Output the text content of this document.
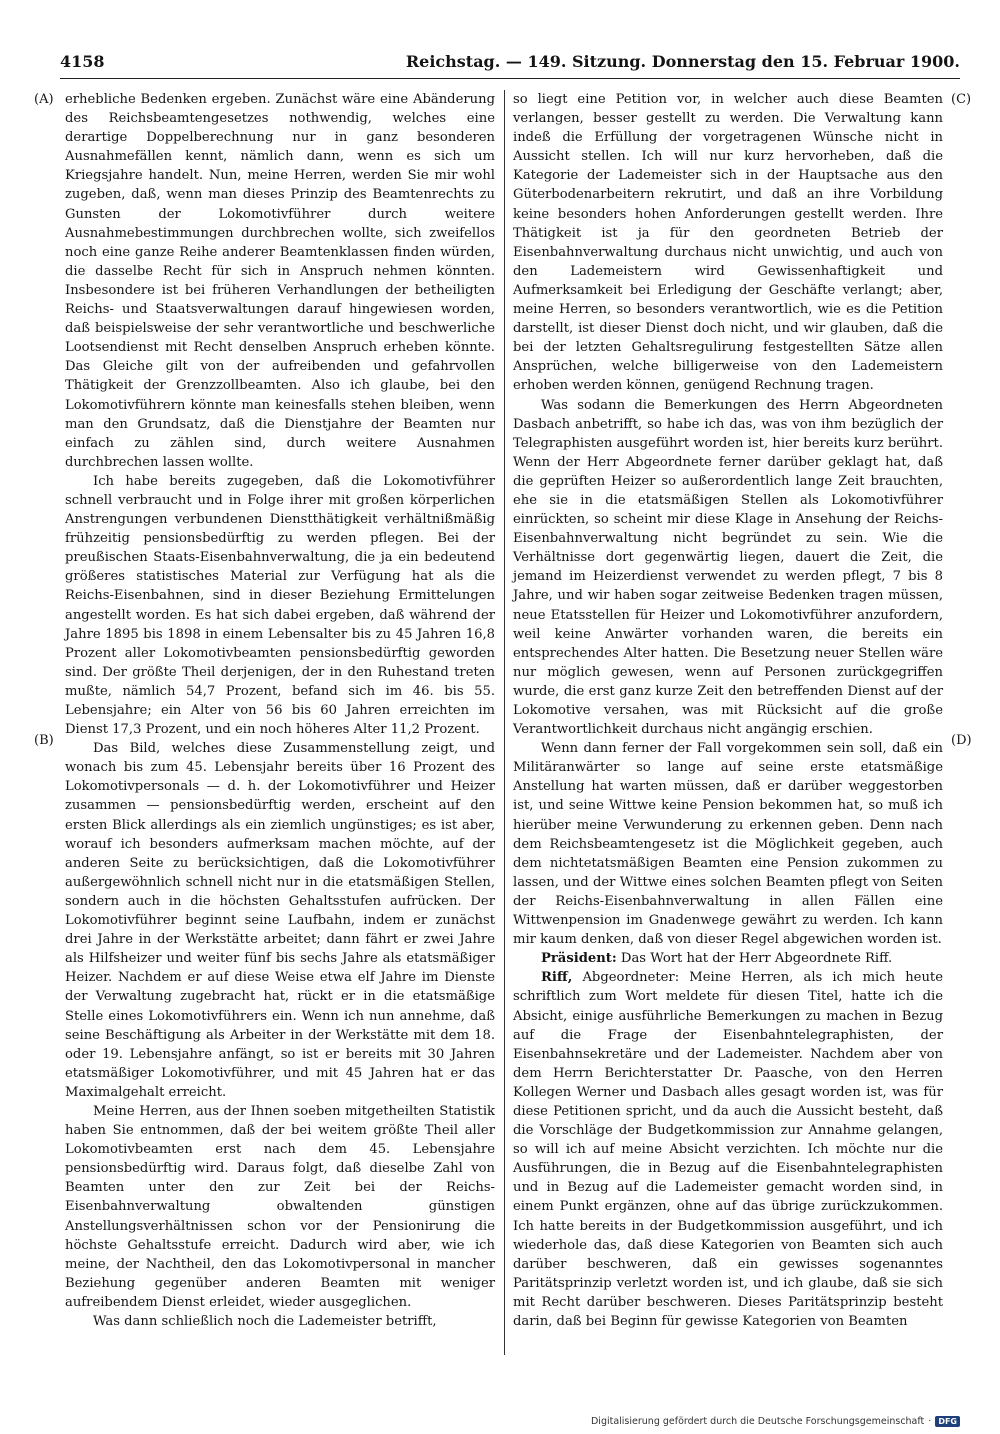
4158	Reichstag. — 149. Sitzung. Donnerstag den 15. Februar 1900.
(A)
(B)
(C)
(D)

erhebliche Bedenken ergeben. Zunächst wäre eine Abänderung des Reichsbeamtengesetzes nothwendig, welches eine derartige Doppelberechnung nur in ganz besonderen Ausnahmefällen kennt, nämlich dann, wenn es sich um Kriegsjahre handelt. Nun, meine Herren, werden Sie mir wohl zugeben, daß, wenn man dieses Prinzip des Beamtenrechts zu Gunsten der Lokomotivführer durch weitere Ausnahmebestimmungen durchbrechen wollte, sich zweifellos noch eine ganze Reihe anderer Beamtenklassen finden würden, die dasselbe Recht für sich in Anspruch nehmen könnten. Insbesondere ist bei früheren Verhandlungen der betheiligten Reichs- und Staatsverwaltungen darauf hingewiesen worden, daß beispielsweise der sehr verantwortliche und beschwerliche Lootsendienst mit Recht denselben Anspruch erheben könnte. Das Gleiche gilt von der aufreibenden und gefahrvollen Thätigkeit der Grenzzollbeamten. Also ich glaube, bei den Lokomotivführern könnte man keinesfalls stehen bleiben, wenn man den Grundsatz, daß die Dienstjahre der Beamten nur einfach zu zählen sind, durch weitere Ausnahmen durchbrechen lassen wollte.

Ich habe bereits zugegeben, daß die Lokomotivführer schnell verbraucht und in Folge ihrer mit großen körperlichen Anstrengungen verbundenen Dienstthätigkeit verhältnißmäßig frühzeitig pensionsbedürftig zu werden pflegen. Bei der preußischen Staats-Eisenbahnverwaltung, die ja ein bedeutend größeres statistisches Material zur Verfügung hat als die Reichs-Eisenbahnen, sind in dieser Beziehung Ermittelungen angestellt worden. Es hat sich dabei ergeben, daß während der Jahre 1895 bis 1898 in einem Lebensalter bis zu 45 Jahren 16,8 Prozent aller Lokomotivbeamten pensionsbedürftig geworden sind. Der größte Theil derjenigen, der in den Ruhestand treten mußte, nämlich 54,7 Prozent, befand sich im 46. bis 55. Lebensjahre; ein Alter von 56 bis 60 Jahren erreichten im Dienst 17,3 Prozent, und ein noch höheres Alter 11,2 Prozent.

Das Bild, welches diese Zusammenstellung zeigt, und wonach bis zum 45. Lebensjahr bereits über 16 Prozent des Lokomotivpersonals — d. h. der Lokomotivführer und Heizer zusammen — pensionsbedürftig werden, erscheint auf den ersten Blick allerdings als ein ziemlich ungünstiges; es ist aber, worauf ich besonders aufmerksam machen möchte, auf der anderen Seite zu berücksichtigen, daß die Lokomotivführer außergewöhnlich schnell nicht nur in die etatsmäßigen Stellen, sondern auch in die höchsten Gehaltsstufen aufrücken. Der Lokomotivführer beginnt seine Laufbahn, indem er zunächst drei Jahre in der Werkstätte arbeitet; dann fährt er zwei Jahre als Hilfsheizer und weiter fünf bis sechs Jahre als etatsmäßiger Heizer. Nachdem er auf diese Weise etwa elf Jahre im Dienste der Verwaltung zugebracht hat, rückt er in die etatsmäßige Stelle eines Lokomotivführers ein. Wenn ich nun annehme, daß seine Beschäftigung als Arbeiter in der Werkstätte mit dem 18. oder 19. Lebensjahre anfängt, so ist er bereits mit 30 Jahren etatsmäßiger Lokomotivführer, und mit 45 Jahren hat er das Maximalgehalt erreicht.

Meine Herren, aus der Ihnen soeben mitgetheilten Statistik haben Sie entnommen, daß der bei weitem größte Theil aller Lokomotivbeamten erst nach dem 45. Lebensjahre pensionsbedürftig wird. Daraus folgt, daß dieselbe Zahl von Beamten unter den zur Zeit bei der Reichs-Eisenbahnverwaltung obwaltenden günstigen Anstellungsverhältnissen schon vor der Pensionirung die höchste Gehaltsstufe erreicht. Dadurch wird aber, wie ich meine, der Nachtheil, den das Lokomotivpersonal in mancher Beziehung gegenüber anderen Beamten mit weniger aufreibendem Dienst erleidet, wieder ausgeglichen.

Was dann schließlich noch die Lademeister betrifft,

so liegt eine Petition vor, in welcher auch diese Beamten verlangen, besser gestellt zu werden. Die Verwaltung kann indeß die Erfüllung der vorgetragenen Wünsche nicht in Aussicht stellen. Ich will nur kurz hervorheben, daß die Kategorie der Lademeister sich in der Hauptsache aus den Güterbodenarbeitern rekrutirt, und daß an ihre Vorbildung keine besonders hohen Anforderungen gestellt werden. Ihre Thätigkeit ist ja für den geordneten Betrieb der Eisenbahnverwaltung durchaus nicht unwichtig, und auch von den Lademeistern wird Gewissenhaftigkeit und Aufmerksamkeit bei Erledigung der Geschäfte verlangt; aber, meine Herren, so besonders verantwortlich, wie es die Petition darstellt, ist dieser Dienst doch nicht, und wir glauben, daß die bei der letzten Gehaltsregulirung festgestellten Sätze allen Ansprüchen, welche billigerweise von den Lademeistern erhoben werden können, genügend Rechnung tragen.

Was sodann die Bemerkungen des Herrn Abgeordneten Dasbach anbetrifft, so habe ich das, was von ihm bezüglich der Telegraphisten ausgeführt worden ist, hier bereits kurz berührt. Wenn der Herr Abgeordnete ferner darüber geklagt hat, daß die geprüften Heizer so außerordentlich lange Zeit brauchten, ehe sie in die etatsmäßigen Stellen als Lokomotivführer einrückten, so scheint mir diese Klage in Ansehung der Reichs-Eisenbahnverwaltung nicht begründet zu sein. Wie die Verhältnisse dort gegenwärtig liegen, dauert die Zeit, die jemand im Heizerdienst verwendet zu werden pflegt, 7 bis 8 Jahre, und wir haben sogar zeitweise Bedenken tragen müssen, neue Etatsstellen für Heizer und Lokomotivführer anzufordern, weil keine Anwärter vorhanden waren, die bereits ein entsprechendes Alter hatten. Die Besetzung neuer Stellen wäre nur möglich gewesen, wenn auf Personen zurückgegriffen wurde, die erst ganz kurze Zeit den betreffenden Dienst auf der Lokomotive versahen, was mit Rücksicht auf die große Verantwortlichkeit durchaus nicht angängig erschien.

Wenn dann ferner der Fall vorgekommen sein soll, daß ein Militäranwärter so lange auf seine erste etatsmäßige Anstellung hat warten müssen, daß er darüber weggestorben ist, und seine Wittwe keine Pension bekommen hat, so muß ich hierüber meine Verwunderung zu erkennen geben. Denn nach dem Reichsbeamtengesetz ist die Möglichkeit gegeben, auch dem nichtetatsmäßigen Beamten eine Pension zukommen zu lassen, und der Wittwe eines solchen Beamten pflegt von Seiten der Reichs-Eisenbahnverwaltung in allen Fällen eine Wittwenpension im Gnadenwege gewährt zu werden. Ich kann mir kaum denken, daß von dieser Regel abgewichen worden ist.

Präsident: Das Wort hat der Herr Abgeordnete Riff.

Riff, Abgeordneter: Meine Herren, als ich mich heute schriftlich zum Wort meldete für diesen Titel, hatte ich die Absicht, einige ausführliche Bemerkungen zu machen in Bezug auf die Frage der Eisenbahntelegraphisten, der Eisenbahnsekretäre und der Lademeister. Nachdem aber von dem Herrn Berichterstatter Dr. Paasche, von den Herren Kollegen Werner und Dasbach alles gesagt worden ist, was für diese Petitionen spricht, und da auch die Aussicht besteht, daß die Vorschläge der Budgetkommission zur Annahme gelangen, so will ich auf meine Absicht verzichten. Ich möchte nur die Ausführungen, die in Bezug auf die Eisenbahntelegraphisten und in Bezug auf die Lademeister gemacht worden sind, in einem Punkt ergänzen, ohne auf das übrige zurückzukommen. Ich hatte bereits in der Budgetkommission ausgeführt, und ich wiederhole das, daß diese Kategorien von Beamten sich auch darüber beschweren, daß ein gewisses sogenanntes Paritätsprinzip verletzt worden ist, und ich glaube, daß sie sich mit Recht darüber beschweren. Dieses Paritätsprinzip besteht darin, daß bei Beginn für gewisse Kategorien von Beamten

Digitalisierung gefördert durch die Deutsche Forschungsgemeinschaft · DFG
